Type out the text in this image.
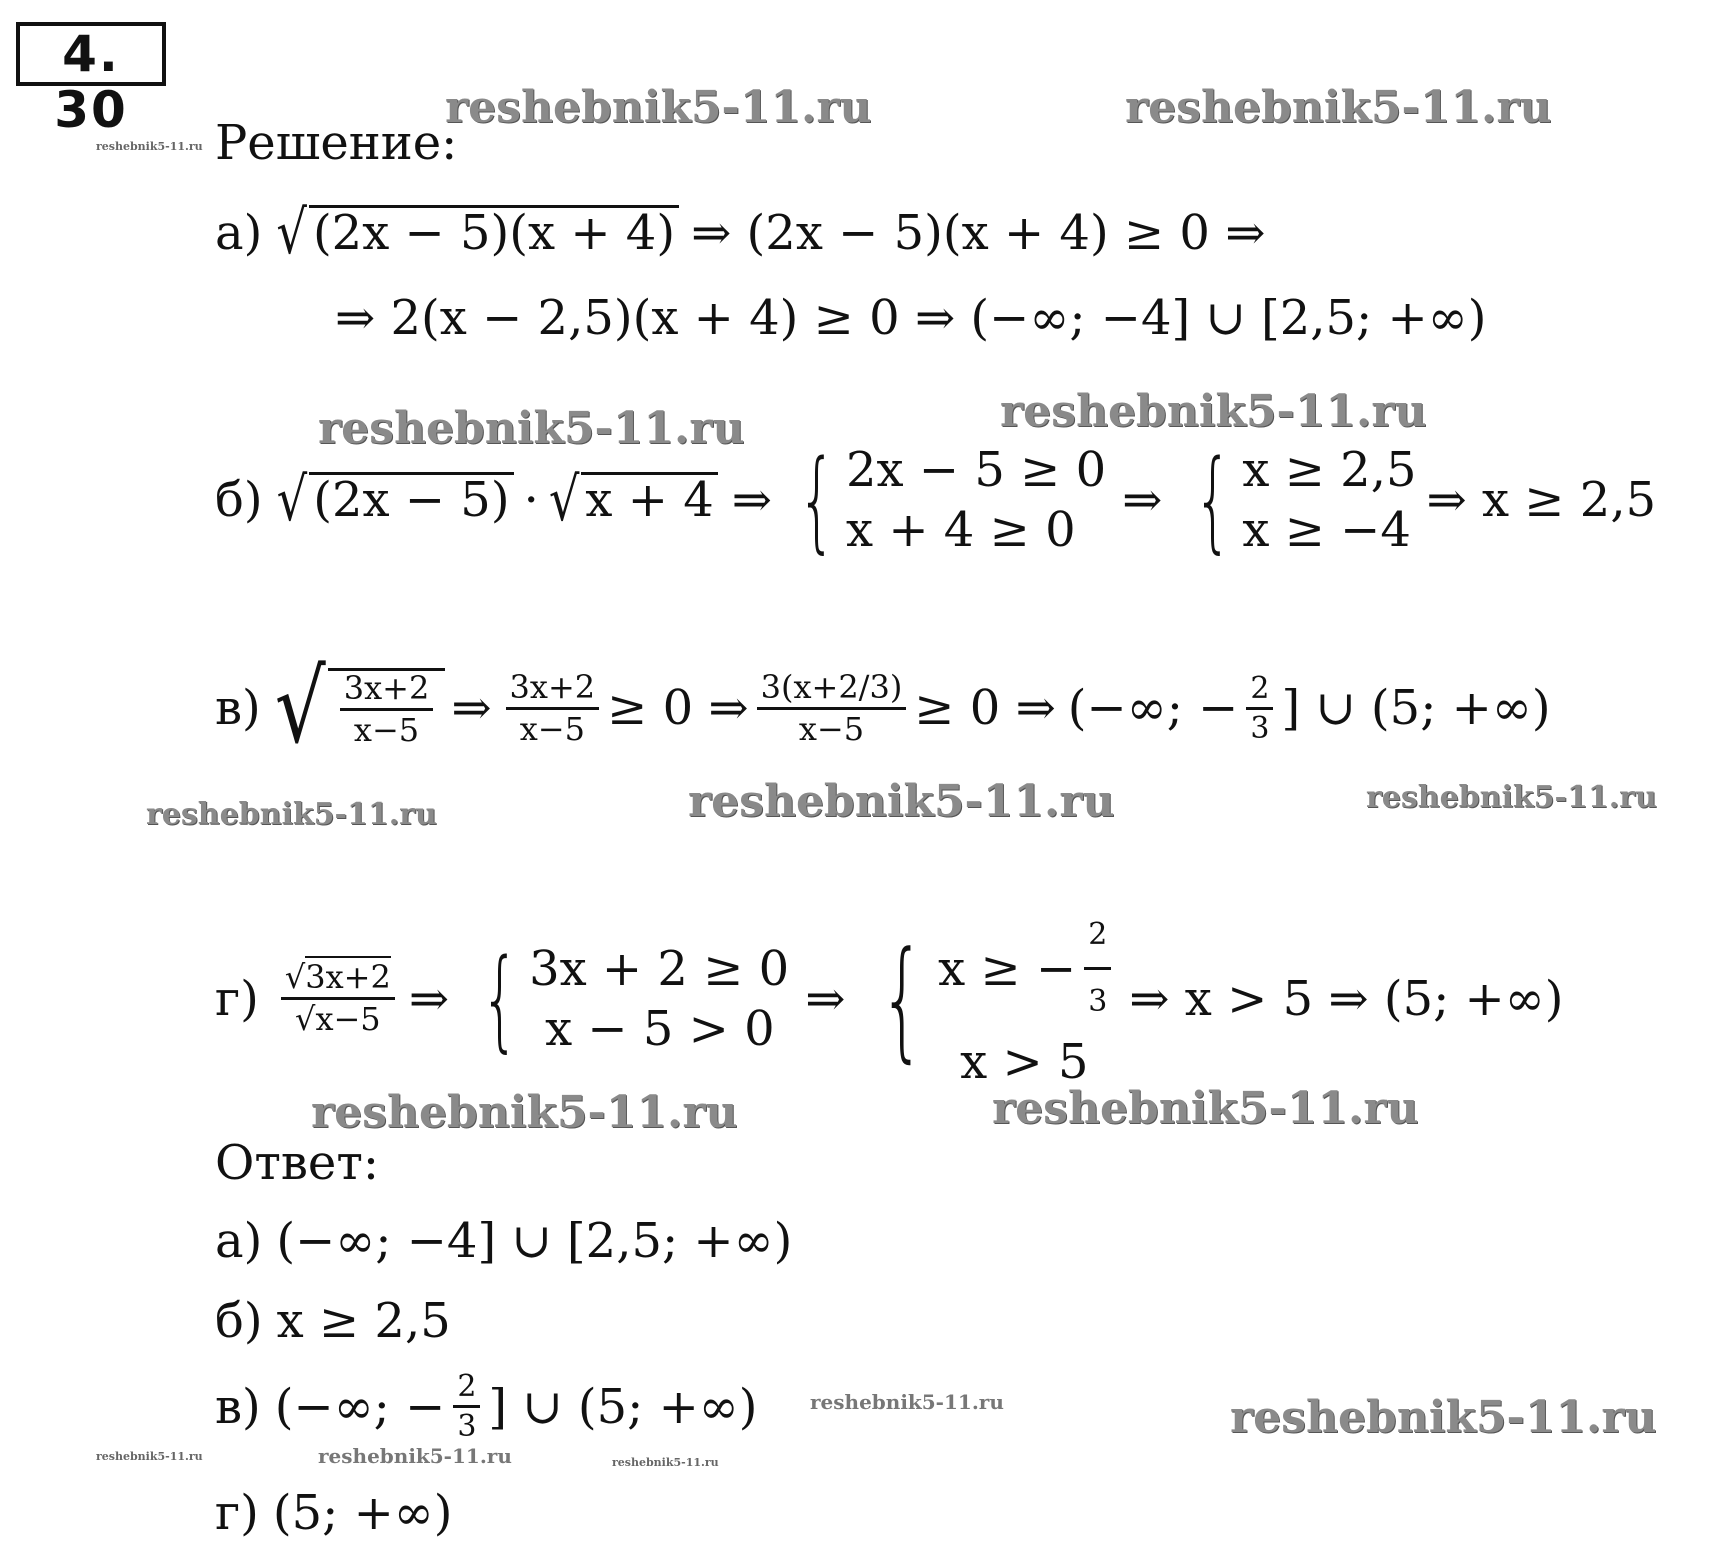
4. 30	reshebnik5-11.ru	reshebnik5-11.ru
reshebnik5-11.ru
reshebnik5-11.ru	reshebnik5-11.ru
reshebnik5-11.ru	reshebnik5-11.ru	reshebnik5-11.ru
reshebnik5-11.ru	reshebnik5-11.ru
reshebnik5-11.ru	reshebnik5-11.ru
reshebnik5-11.ru	reshebnik5-11.ru	reshebnik5-11.ru
Решение:
а) √ (2x − 5)(x + 4) ⇒ (2x − 5)(x + 4) ≥ 0 ⇒
⇒ 2(x − 2,5)(x + 4) ≥ 0 ⇒ (−∞; −4] ∪ [2,5; +∞)
б) √ (2x − 5) · √ x + 4 ⇒ { 2x − 5 ≥ 0
x + 4 ≥ 0
⇒ { x ≥ 2,5
x ≥ −4
⇒ x ≥ 2,5
в) √ $\frac{3x+2}{x-5}$ ⇒ $\frac{3x+2}{x-5} \ge 0$ ⇒ $\frac{3(x+2/3)}{x-5} \ge 0$ ⇒ (−∞; − $\frac{2}{3}$ ] ∪ (5; +∞)
$г) \frac{√3x+2}{√x-5}$ ⇒ { 3x + 2 ≥ 0
x − 5 > 0
⇒ { x ≥ − $\frac{2}{3}$
x > 5
⇒ x > 5 ⇒ (5; +∞)
Ответ:
а) (−∞; −4] ∪ [2,5; +∞)
б) x ≥ 2,5
в) (−∞; − $\frac{2}{3}$ ] ∪ (5; +∞)
г) (5; +∞)
